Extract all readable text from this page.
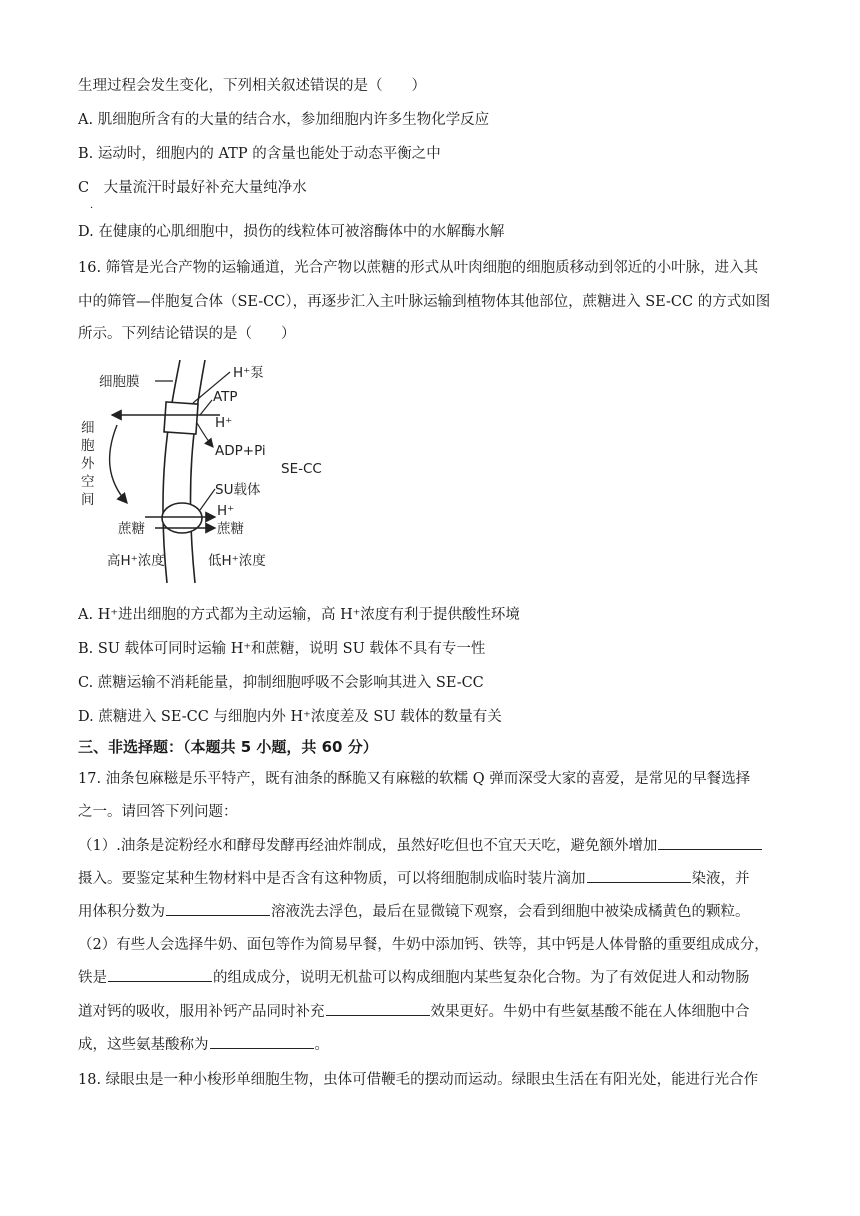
生理过程会发生变化，下列相关叙述错误的是（　　）
A. 肌细胞所含有的大量的结合水，参加细胞内许多生物化学反应
B. 运动时，细胞内的 ATP 的含量也能处于动态平衡之中
C　大量流汗时最好补充大量纯净水
．
D. 在健康的心肌细胞中，损伤的线粒体可被溶酶体中的水解酶水解
16. 筛管是光合产物的运输通道，光合产物以蔗糖的形式从叶肉细胞的细胞质移动到邻近的小叶脉，进入其
中的筛管—伴胞复合体（SE-CC），再逐步汇入主叶脉运输到植物体其他部位，蔗糖进入 SE-CC 的方式如图
所示。下列结论错误的是（　　）
细胞膜
H⁺泵
ATP
H⁺
ADP+Pi
细
胞
外
空
间
SE-CC
SU载体
H⁺
蔗糖	蔗糖
高H⁺浓度	低H⁺浓度
A. H⁺进出细胞的方式都为主动运输，高 H⁺浓度有利于提供酸性环境
B. SU 载体可同时运输 H⁺和蔗糖，说明 SU 载体不具有专一性
C. 蔗糖运输不消耗能量，抑制细胞呼吸不会影响其进入 SE-CC
D. 蔗糖进入 SE-CC 与细胞内外 H⁺浓度差及 SU 载体的数量有关
三、非选择题：（本题共 5 小题，共 60 分）
17. 油条包麻糍是乐平特产，既有油条的酥脆又有麻糍的软糯 Q 弹而深受大家的喜爱，是常见的早餐选择
之一。请回答下列问题：
（1）.油条是淀粉经水和酵母发酵再经油炸制成，虽然好吃但也不宜天天吃，避免额外增加
摄入。要鉴定某种生物材料中是否含有这种物质，可以将细胞制成临时装片滴加	染液，并
用体积分数为	溶液洗去浮色，最后在显微镜下观察，会看到细胞中被染成橘黄色的颗粒。
（2）有些人会选择牛奶、面包等作为简易早餐，牛奶中添加钙、铁等，其中钙是人体骨骼的重要组成成分，
铁是	的组成成分，说明无机盐可以构成细胞内某些复杂化合物。为了有效促进人和动物肠
道对钙的吸收，服用补钙产品同时补充	效果更好。牛奶中有些氨基酸不能在人体细胞中合
成，这些氨基酸称为	。
18. 绿眼虫是一种小梭形单细胞生物，虫体可借鞭毛的摆动而运动。绿眼虫生活在有阳光处，能进行光合作
